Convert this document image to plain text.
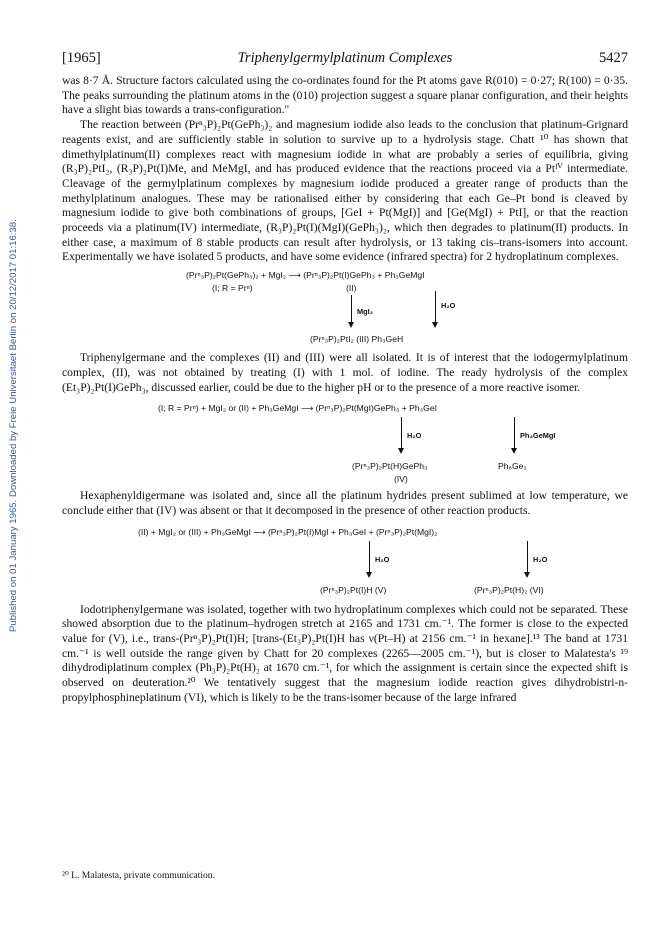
Published on 01 January 1965. Downloaded by Freie Universitaet Berlin on 20/12/2017 01:16:38.
[1965]	Triphenylgermylplatinum Complexes	5427

was 8·7 Å. Structure factors calculated using the co-ordinates found for the Pt atoms gave R(010) = 0·27; R(100) = 0·35. The peaks surrounding the platinum atoms in the (010) projection suggest a square planar configuration, and their heights have a slight bias towards a trans-configuration."

The reaction between (Prⁿ₃P)₂Pt(GePh₃)₂ and magnesium iodide also leads to the conclusion that platinum-Grignard reagents exist, and are sufficiently stable in solution to survive up to a hydrolysis stage. Chatt ¹⁰ has shown that dimethylplatinum(II) complexes react with magnesium iodide in what are probably a series of equilibria, giving (R₃P)₂PtI₂, (R₃P)₂Pt(I)Me, and MeMgI, and has produced evidence that the reactions proceed via a Ptᴵⱽ intermediate. Cleavage of the germylplatinum complexes by magnesium iodide produced a greater range of products than the methylplatinum analogues. These may be rationalised either by considering that each Ge–Pt bond is cleaved by magnesium iodide to give both combinations of groups, [GeI + Pt(MgI)] and [Ge(MgI) + PtI], or that the reaction proceeds via a platinum(IV) intermediate, (R₃P)₂Pt(I)(MgI)(GePh₃)₂, which then degrades to platinum(II) products. In either case, a maximum of 8 stable products can result after hydrolysis, or 13 taking cis–trans-isomers into account. Experimentally we have isolated 5 products, and have some evidence (infrared spectra) for 2 hydroplatinum complexes.

(Prⁿ₃P)₂Pt(GePh₃)₂ + MgI₂ ⟶ (Prⁿ₃P)₂Pt(I)GePh₃ + Ph₃GeMgI
(I; R = Prⁿ)	(II)
MgI₂
H₂O
(Prⁿ₃P)₂PtI₂ (III) Ph₃GeH

Triphenylgermane and the complexes (II) and (III) were all isolated. It is of interest that the iodogermylplatinum complex, (II), was not obtained by treating (I) with 1 mol. of iodine. The ready hydrolysis of the complex (Et₃P)₂Pt(I)GePh₃, discussed earlier, could be due to the higher pH or to the presence of a more reactive isomer.

(I; R = Prⁿ) + MgI₂ or (II) + Ph₃GeMgI ⟶ (Prⁿ₃P)₂Pt(MgI)GePh₃ + Ph₃GeI
H₂O	Ph₃GeMgI
(Prⁿ₃P)₂Pt(H)GePh₃	Ph₆Ge₂
(IV)

Hexaphenyldigermane was isolated and, since all the platinum hydrides present sublimed at low temperature, we conclude either that (IV) was absent or that it decomposed in the presence of other reaction products.

(II) + MgI₂ or (III) + Ph₃GeMgI ⟶ (Prⁿ₃P)₂Pt(I)MgI + Ph₃GeI + (Prⁿ₃P)₂Pt(MgI)₂
H₂O	H₂O
(Prⁿ₃P)₂Pt(I)H (V)	(Prⁿ₃P)₂Pt(H)₂ (VI)

Iodotriphenylgermane was isolated, together with two hydroplatinum complexes which could not be separated. These showed absorption due to the platinum–hydrogen stretch at 2165 and 1731 cm.⁻¹. The former is close to the expected value for (V), i.e., trans-(Prⁿ₃P)₂Pt(I)H; [trans-(Et₃P)₂Pt(I)H has ν(Pt–H) at 2156 cm.⁻¹ in hexane].¹³ The band at 1731 cm.⁻¹ is well outside the range given by Chatt for 20 complexes (2265—2005 cm.⁻¹), but is closer to Malatesta's ¹⁹ dihydrodiplatinum complex (Ph₃P)₂Pt(H)₂ at 1670 cm.⁻¹, for which the assignment is certain since the expected shift is observed on deuteration.²⁰ We tentatively suggest that the magnesium iodide reaction gives dihydrobistri-n-propylphosphineplatinum (VI), which is likely to be the trans-isomer because of the large infrared

²⁰ L. Malatesta, private communication.
